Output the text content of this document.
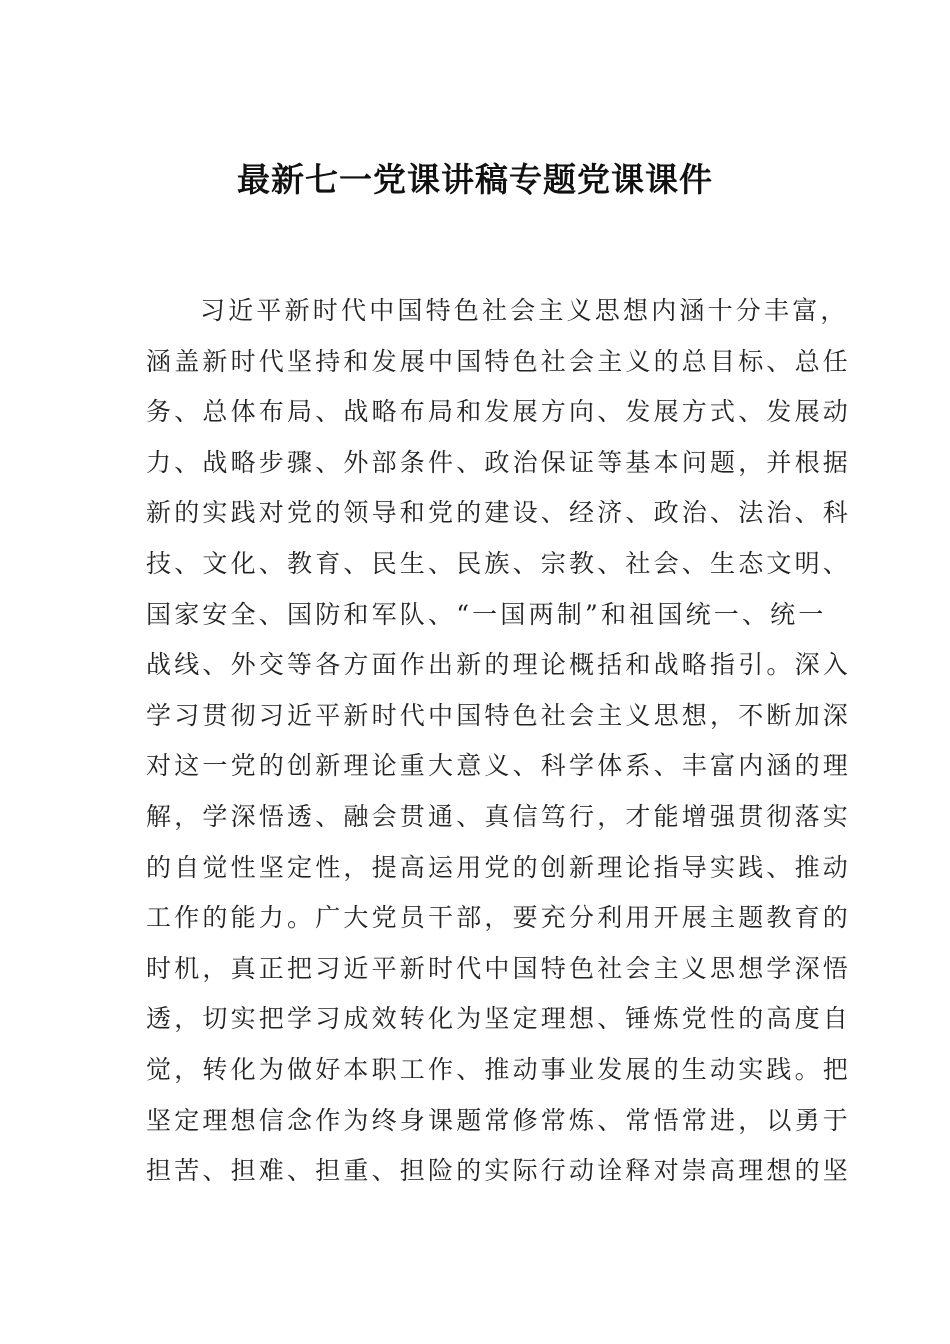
最新七一党课讲稿专题党课课件
习近平新时代中国特色社会主义思想内涵十分丰富，
涵盖新时代坚持和发展中国特色社会主义的总目标、总任
务、总体布局、战略布局和发展方向、发展方式、发展动
力、战略步骤、外部条件、政治保证等基本问题，并根据
新的实践对党的领导和党的建设、经济、政治、法治、科
技、文化、教育、民生、民族、宗教、社会、生态文明、
国家安全、国防和军队、“一国两制”和祖国统一、统一
战线、外交等各方面作出新的理论概括和战略指引。深入
学习贯彻习近平新时代中国特色社会主义思想，不断加深
对这一党的创新理论重大意义、科学体系、丰富内涵的理
解，学深悟透、融会贯通、真信笃行，才能增强贯彻落实
的自觉性坚定性，提高运用党的创新理论指导实践、推动
工作的能力。广大党员干部，要充分利用开展主题教育的
时机，真正把习近平新时代中国特色社会主义思想学深悟
透，切实把学习成效转化为坚定理想、锤炼党性的高度自
觉，转化为做好本职工作、推动事业发展的生动实践。把
坚定理想信念作为终身课题常修常炼、常悟常进，以勇于
担苦、担难、担重、担险的实际行动诠释对崇高理想的坚
